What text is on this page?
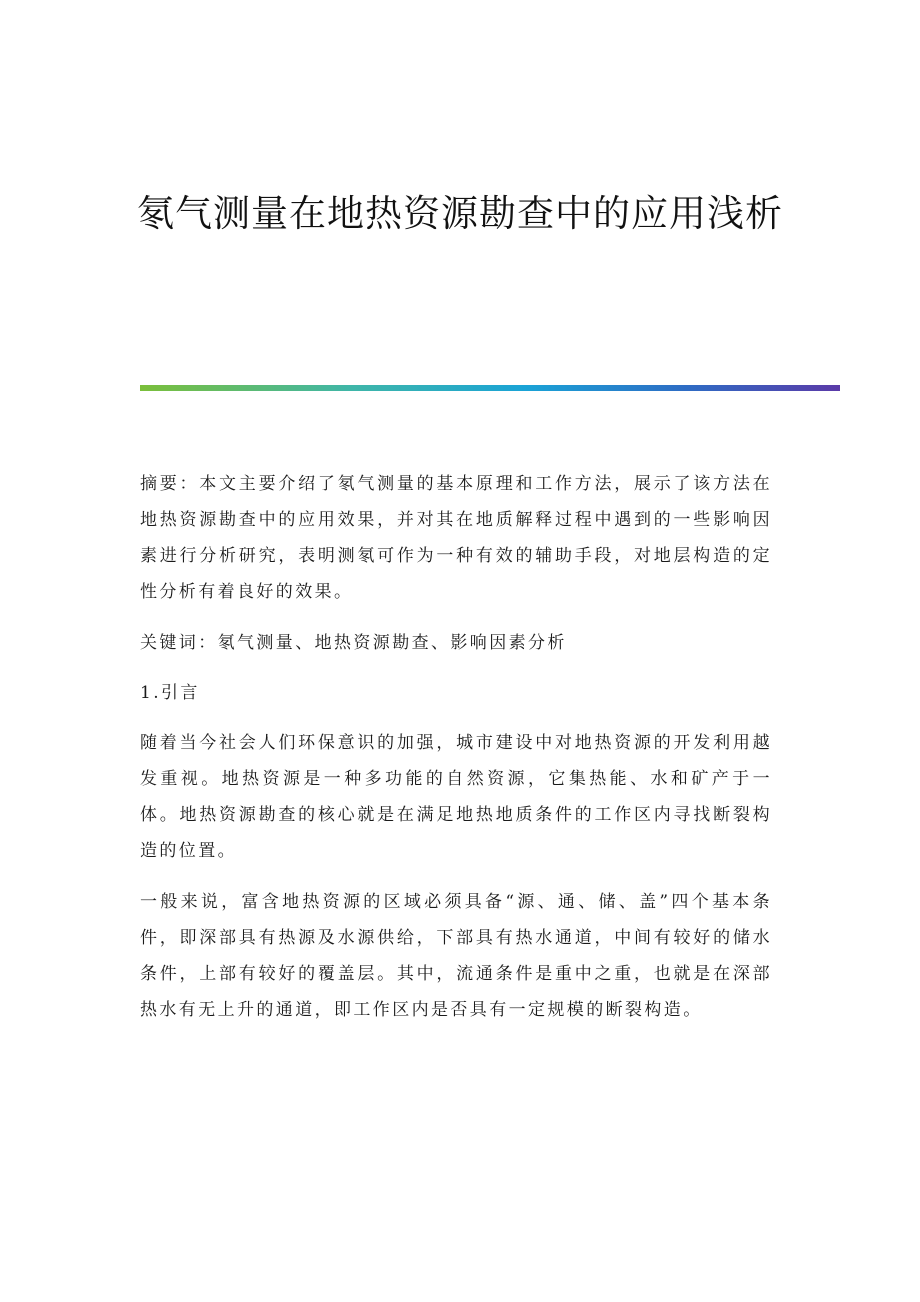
氡气测量在地热资源勘查中的应用浅析

摘要：本文主要介绍了氡气测量的基本原理和工作方法，展示了该方法在地热资源勘查中的应用效果，并对其在地质解释过程中遇到的一些影响因素进行分析研究，表明测氡可作为一种有效的辅助手段，对地层构造的定性分析有着良好的效果。

关键词：氡气测量、地热资源勘查、影响因素分析

1.引言

随着当今社会人们环保意识的加强，城市建设中对地热资源的开发利用越发重视。地热资源是一种多功能的自然资源，它集热能、水和矿产于一体。地热资源勘查的核心就是在满足地热地质条件的工作区内寻找断裂构造的位置。

一般来说，富含地热资源的区域必须具备“源、通、储、盖”四个基本条件，即深部具有热源及水源供给，下部具有热水通道，中间有较好的储水条件，上部有较好的覆盖层。其中，流通条件是重中之重，也就是在深部热水有无上升的通道，即工作区内是否具有一定规模的断裂构造。
